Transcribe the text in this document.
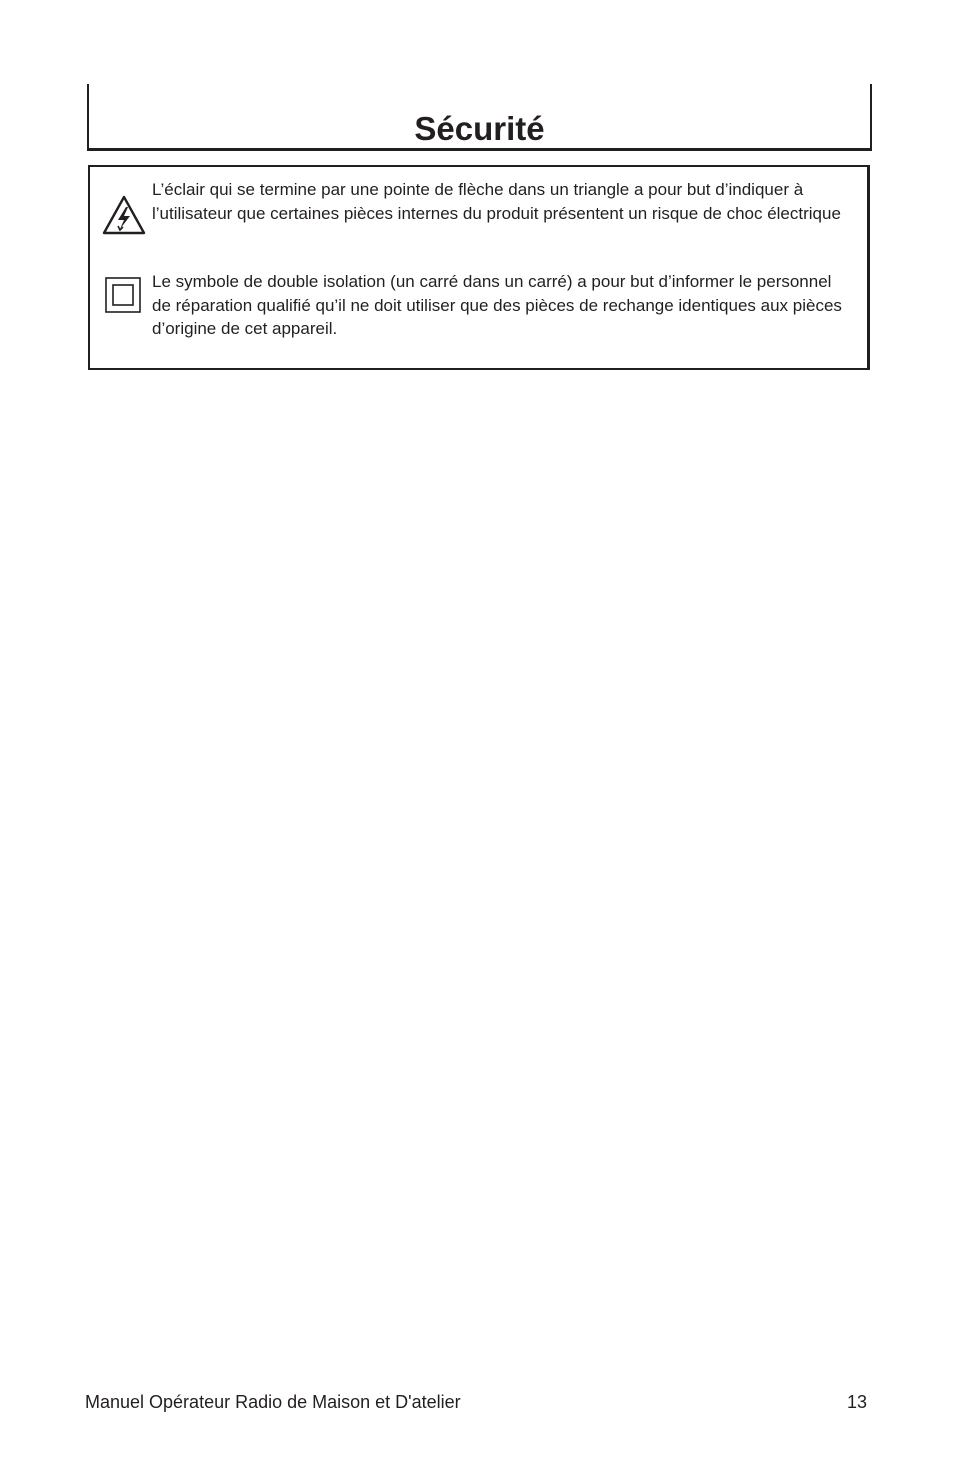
Sécurité

L’éclair qui se termine par une pointe de flèche dans un triangle a pour but d’indiquer à l’utilisateur que certaines pièces internes du produit présentent un risque de choc électrique

Le symbole de double isolation (un carré dans un carré) a pour but d’informer le personnel de réparation qualifié qu’il ne doit utiliser que des pièces de rechange identiques aux pièces d’origine de cet appareil.

Manuel Opérateur Radio de Maison et D'atelier	13
